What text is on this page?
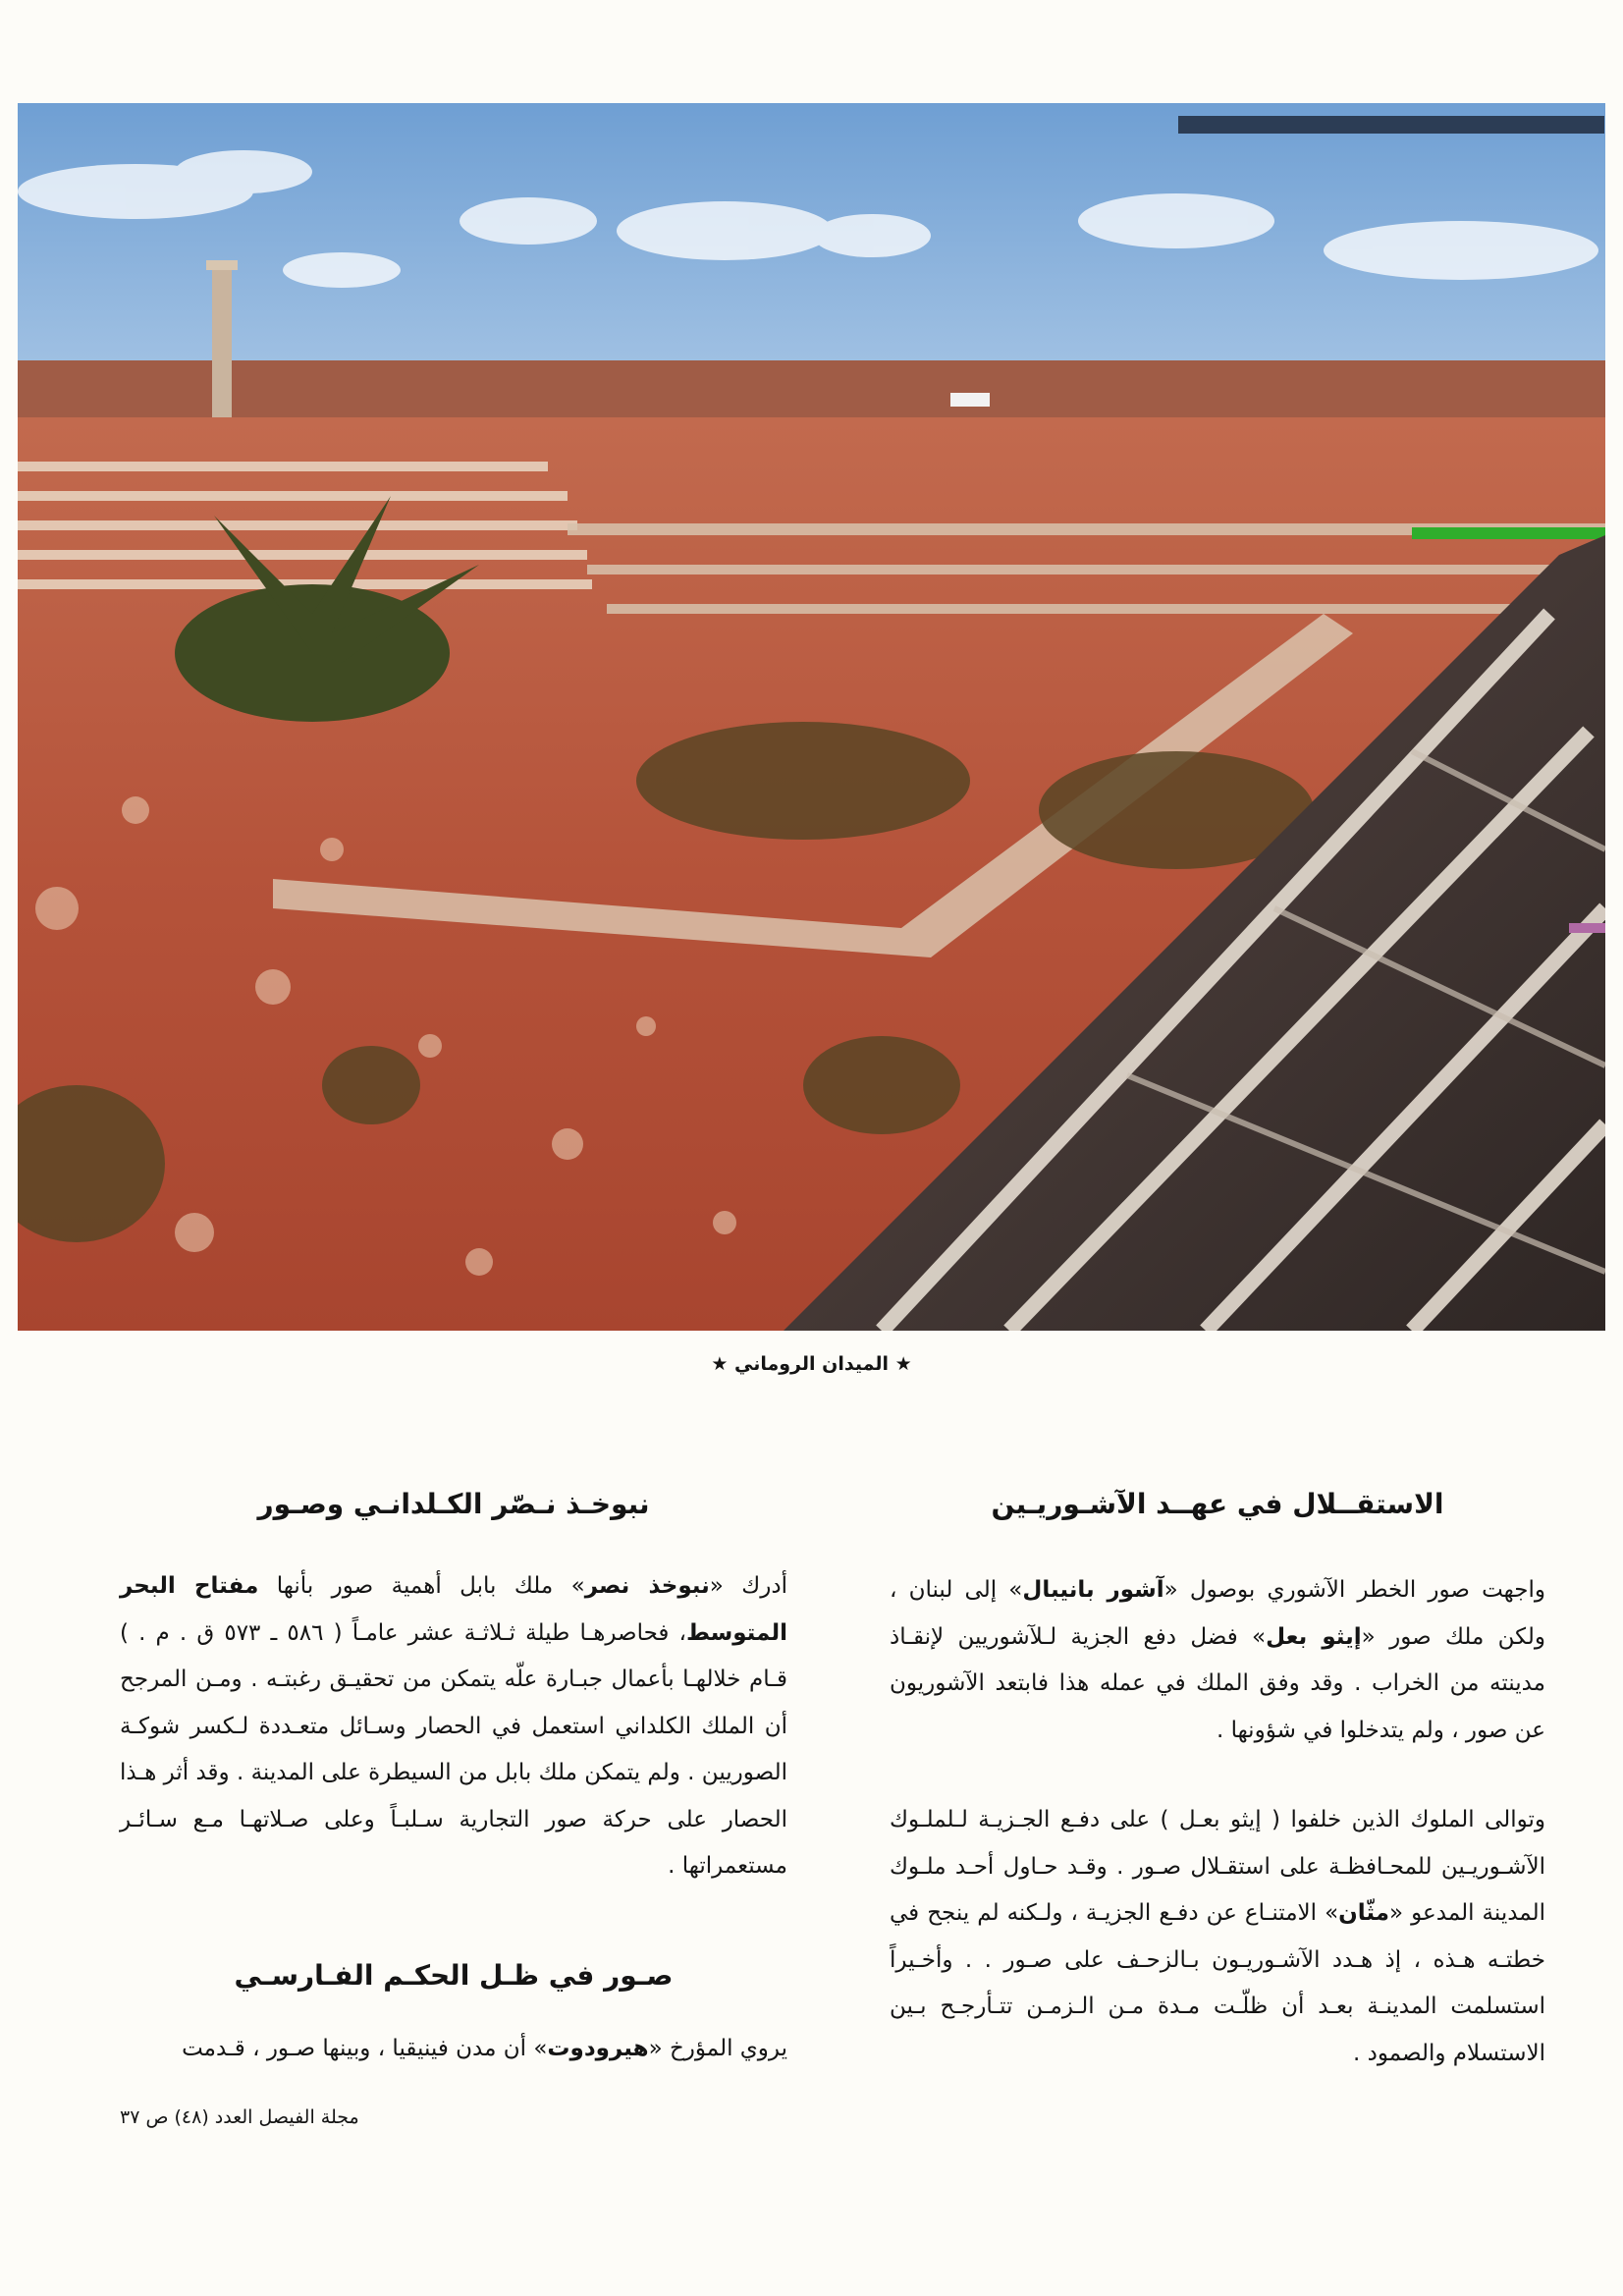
★ الميدان الروماني ★
الاستقــلال في عهــد الآشـوريـين

واجهت صور الخطر الآشوري بوصول «آشور بانيبال» إلى لبنان ، ولكن ملك صور «إيثو بعل» فضل دفع الجزية لـلآشوريين لإنقـاذ مدينته من الخراب . وقد وفق الملك في عمله هذا فابتعد الآشوريون عن صور ، ولم يتدخلوا في شؤونها .

وتوالى الملوك الذين خلفوا ( إيثو بعـل ) على دفـع الجـزيـة لـلملـوك الآشـوريـين للمحـافظـة على استقـلال صـور . وقـد حـاول أحـد ملـوك المدينة المدعو «مثّان» الامتنـاع عن دفـع الجزيـة ، ولـكنه لم ينجح في خطتـه هـذه ، إذ هـدد الآشـوريـون بـالزحـف على صـور . . وأخـيراً استسلمت المدينـة بعـد أن ظلّـت مـدة مـن الـزمـن تتـأرجـح بـين الاستسلام والصمود .

نبوخـذ نـصّر الكـلدانـي وصـور

أدرك «نبوخذ نصر» ملك بابل أهمية صور بأنها مفتاح البحر المتوسط، فحاصرهـا طيلة ثـلاثـة عشر عامـاً ( ٥٨٦ ـ ٥٧٣ ق . م . ) قـام خلالهـا بأعمال جبـارة علّه يتمكن من تحقيـق رغبتـه . ومـن المرجح أن الملك الكلداني استعمل في الحصار وسـائل متعـددة لـكسر شوكـة الصوريين . ولم يتمكن ملك بابل من السيطرة على المدينة . وقد أثر هـذا الحصار على حركة صور التجارية سـلبـاً وعلى صـلاتهـا مـع سـائـر مستعمراتها .

صـور في ظـل الحكـم الفـارسـي

يروي المؤرخ «هيرودوت» أن مدن فينيقيا ، وبينها صـور ، قـدمت

مجلة الفيصل العدد (٤٨) ص ٣٧
